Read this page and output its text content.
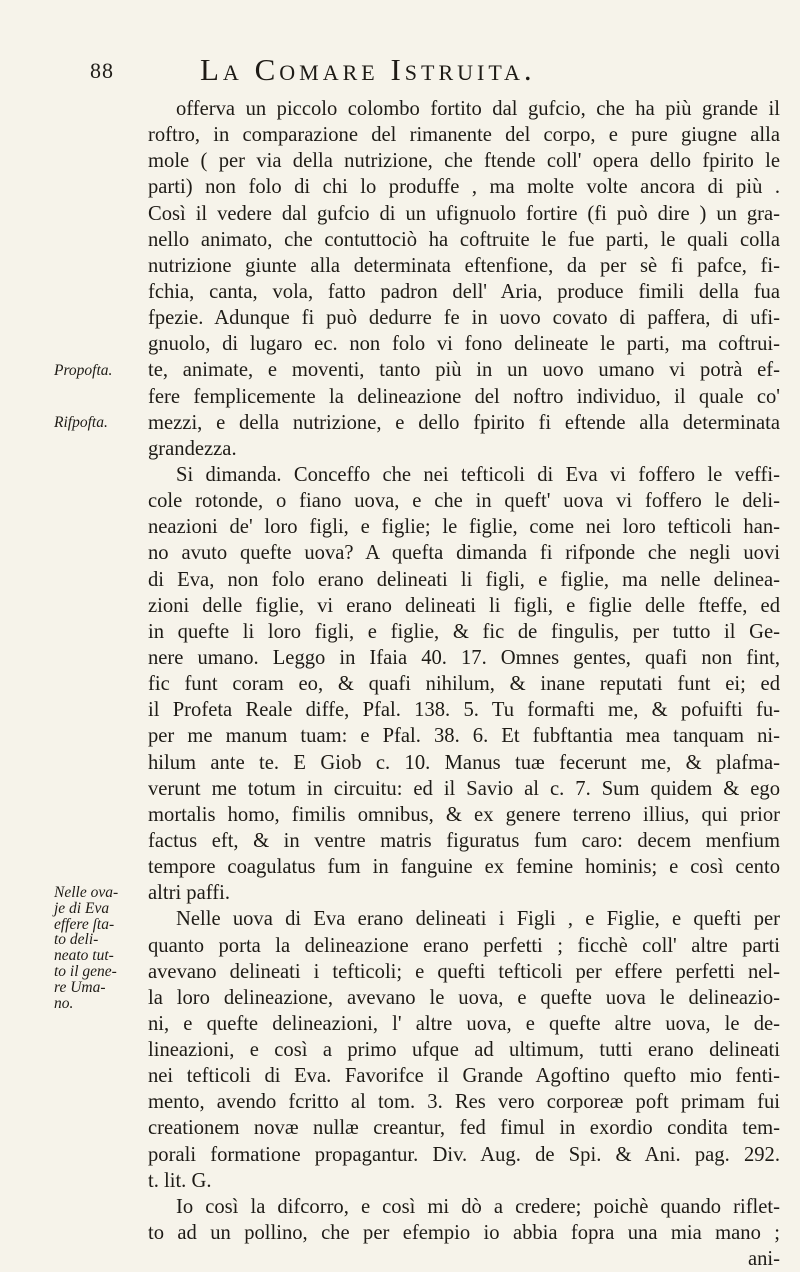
88	La Comare Istruita.
Propofta.
Rifpofta.
Nelle ova-
je di Eva
effere ſta-
to deli-
neato tut-
to il gene-
re Uma-
no.
offerva un piccolo colombo fortito dal gufcio, che ha più grande il
roftro, in comparazione del rimanente del corpo, e pure giugne alla
mole ( per via della nutrizione, che ftende coll' opera dello fpirito le
parti) non folo di chi lo produffe , ma molte volte ancora di più .
Così il vedere dal gufcio di un ufignuolo fortire (fi può dire ) un gra-
nello animato, che contuttociò ha coftruite le fue parti, le quali colla
nutrizione giunte alla determinata eftenfione, da per sè fi pafce, fi-
fchia, canta, vola, fatto padron dell' Aria, produce fimili della fua
fpezie. Adunque fi può dedurre fe in uovo covato di paffera, di ufi-
gnuolo, di lugaro ec. non folo vi fono delineate le parti, ma coftrui-
te, animate, e moventi, tanto più in un uovo umano vi potrà ef-
fere femplicemente la delineazione del noftro individuo, il quale co'
mezzi, e della nutrizione, e dello fpirito fi eftende alla determinata
grandezza.
Si dimanda. Conceffo che nei tefticoli di Eva vi foffero le veffi-
cole rotonde, o fiano uova, e che in queft' uova vi foffero le deli-
neazioni de' loro figli, e figlie; le figlie, come nei loro tefticoli han-
no avuto quefte uova? A quefta dimanda fi rifponde che negli uovi
di Eva, non folo erano delineati li figli, e figlie, ma nelle delinea-
zioni delle figlie, vi erano delineati li figli, e figlie delle fteffe, ed
in quefte li loro figli, e figlie, & fic de fingulis, per tutto il Ge-
nere umano. Leggo in Ifaia 40. 17. Omnes gentes, quafi non fint,
fic funt coram eo, & quafi nihilum, & inane reputati funt ei; ed
il Profeta Reale diffe, Pfal. 138. 5. Tu formafti me, & pofuifti fu-
per me manum tuam: e Pfal. 38. 6. Et fubftantia mea tanquam ni-
hilum ante te. E Giob c. 10. Manus tuæ fecerunt me, & plafma-
verunt me totum in circuitu: ed il Savio al c. 7. Sum quidem & ego
mortalis homo, fimilis omnibus, & ex genere terreno illius, qui prior
factus eft, & in ventre matris figuratus fum caro: decem menfium
tempore coagulatus fum in fanguine ex femine hominis; e così cento
altri paffi.
Nelle uova di Eva erano delineati i Figli , e Figlie, e quefti per
quanto porta la delineazione erano perfetti ; ficchè coll' altre parti
avevano delineati i tefticoli; e quefti tefticoli per effere perfetti nel-
la loro delineazione, avevano le uova, e quefte uova le delineazio-
ni, e quefte delineazioni, l' altre uova, e quefte altre uova, le de-
lineazioni, e così a primo ufque ad ultimum, tutti erano delineati
nei tefticoli di Eva. Favorifce il Grande Agoftino quefto mio fenti-
mento, avendo fcritto al tom. 3. Res vero corporeæ poft primam fui
creationem novæ nullæ creantur, fed fimul in exordio condita tem-
porali formatione propagantur. Div. Aug. de Spi. & Ani. pag. 292.
t. lit. G.
Io così la difcorro, e così mi dò a credere; poichè quando riflet-
to ad un pollino, che per efempio io abbia fopra una mia mano ;
ani-
